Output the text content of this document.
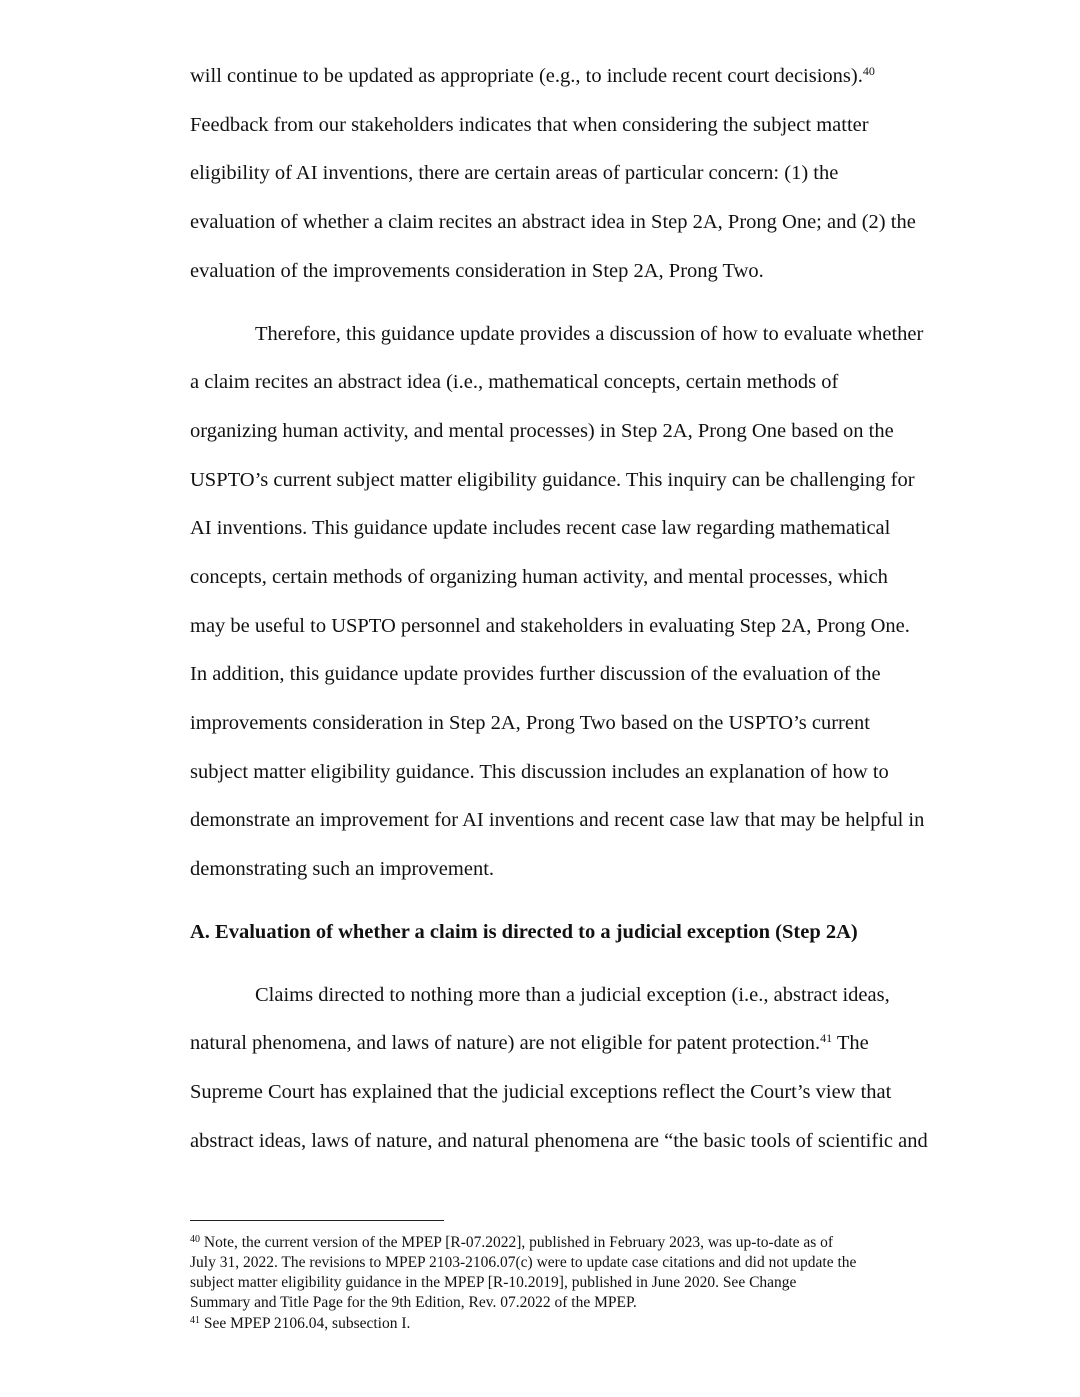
will continue to be updated as appropriate (e.g., to include recent court decisions).$^{40}$
Feedback from our stakeholders indicates that when considering the subject matter
eligibility of AI inventions, there are certain areas of particular concern: (1) the
evaluation of whether a claim recites an abstract idea in Step 2A, Prong One; and (2) the
evaluation of the improvements consideration in Step 2A, Prong Two.
Therefore, this guidance update provides a discussion of how to evaluate whether
a claim recites an abstract idea (i.e., mathematical concepts, certain methods of
organizing human activity, and mental processes) in Step 2A, Prong One based on the
USPTO’s current subject matter eligibility guidance. This inquiry can be challenging for
AI inventions. This guidance update includes recent case law regarding mathematical
concepts, certain methods of organizing human activity, and mental processes, which
may be useful to USPTO personnel and stakeholders in evaluating Step 2A, Prong One.
In addition, this guidance update provides further discussion of the evaluation of the
improvements consideration in Step 2A, Prong Two based on the USPTO’s current
subject matter eligibility guidance. This discussion includes an explanation of how to
demonstrate an improvement for AI inventions and recent case law that may be helpful in
demonstrating such an improvement.
A. Evaluation of whether a claim is directed to a judicial exception (Step 2A)
Claims directed to nothing more than a judicial exception (i.e., abstract ideas,
natural phenomena, and laws of nature) are not eligible for patent protection.$^{41}$ The
Supreme Court has explained that the judicial exceptions reflect the Court’s view that
abstract ideas, laws of nature, and natural phenomena are “the basic tools of scientific and
$^{40}$ Note, the current version of the MPEP [R-07.2022], published in February 2023, was up-to-date as of
July 31, 2022. The revisions to MPEP 2103-2106.07(c) were to update case citations and did not update the
subject matter eligibility guidance in the MPEP [R-10.2019], published in June 2020. See Change
Summary and Title Page for the 9th Edition, Rev. 07.2022 of the MPEP.
$^{41}$ See MPEP 2106.04, subsection I.
